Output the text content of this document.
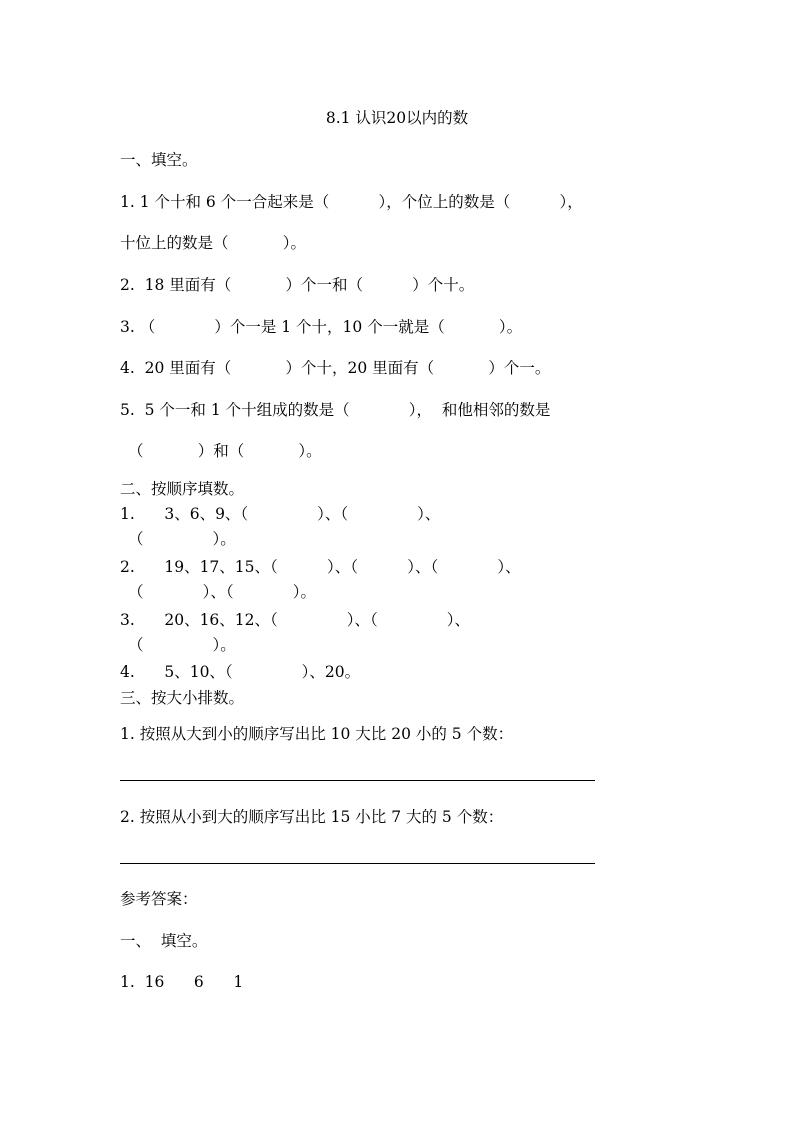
8.1 认识20以内的数
一、填空。
1. 1 个十和 6 个一合起来是（          ），个位上的数是（          ），
十位上的数是（           ）。
2.  18 里面有（           ）个一和（          ）个十。
3. （            ）个一是 1 个十，10 个一就是（           ）。
4.  20 里面有（           ）个十，20 里面有（           ）个一。
5.  5 个一和 1 个十组成的数是（            ），  和他相邻的数是
（           ）和（           ）。
二、按顺序填数。
1.      3、6、9、（              ）、（              ）、
（              ）。
2.      19、17、15、（          ）、（          ）、（            ）、
（            ）、（            ）。
3.      20、16、12、（              ）、（              ）、
（              ）。
4.      5、10、（              ）、20。
三、按大小排数。
1. 按照从大到小的顺序写出比 10 大比 20 小的 5 个数：
2. 按照从小到大的顺序写出比 15 小比 7 大的 5 个数：
参考答案：
一、  填空。
1.  16      6      1
